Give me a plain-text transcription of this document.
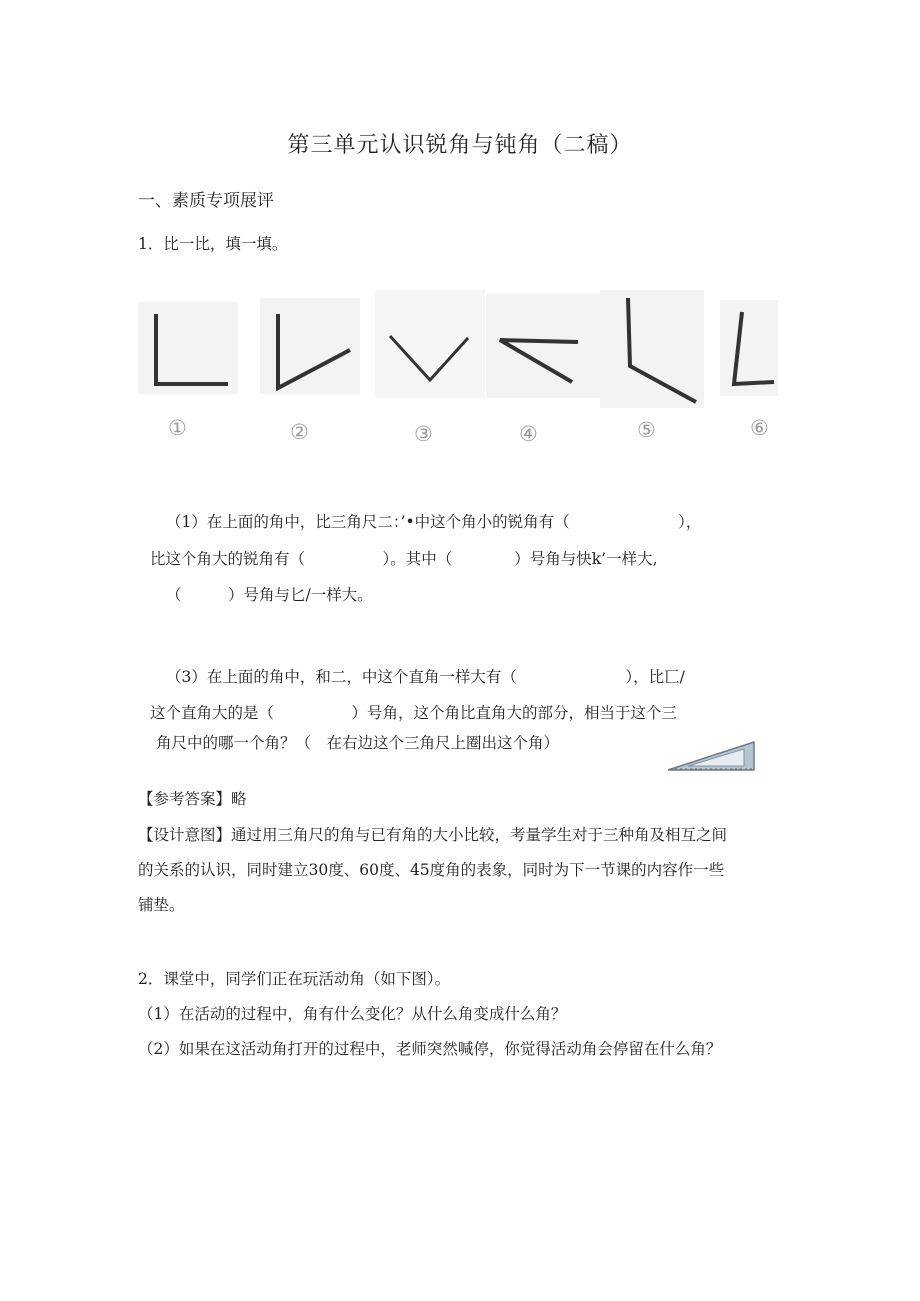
第三单元认识锐角与钝角（二稿）
一、素质专项展评
1．比一比，填一填。
①	②	③	④	⑤	⑥
（1）在上面的角中，比三角尺二：’•中这个角小的锐角有（　　　　　　　），
比这个角大的锐角有（　　　　　）。其中（　　　　）号角与快k’一样大,
（　　　）号角与匕/一样大。
（3）在上面的角中，和二，中这个直角一样大有（　　　　　　　），比匸/
这个直角大的是（　　　　　）号角，这个角比直角大的部分，相当于这个三
角尺中的哪一个角？（　在右边这个三角尺上圈出这个角）
【参考答案】略
【设计意图】通过用三角尺的角与已有角的大小比较，考量学生对于三种角及相互之间
的关系的认识，同时建立30度、60度、45度角的表象，同时为下一节课的内容作一些
铺垫。
2．课堂中，同学们正在玩活动角（如下图）。
（1）在活动的过程中，角有什么变化？从什么角变成什么角？
（2）如果在这活动角打开的过程中，老师突然喊停，你觉得活动角会停留在什么角？
